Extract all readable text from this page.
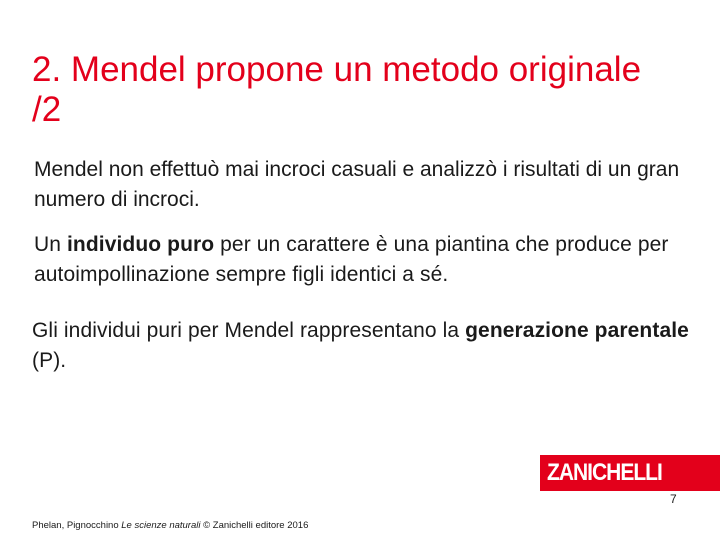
2. Mendel propone un metodo originale /2

Mendel non effettuò mai incroci casuali e analizzò i risultati di un gran numero di incroci.

Un individuo puro per un carattere è una piantina che produce per autoimpollinazione sempre figli identici a sé.

Gli individui puri per Mendel rappresentano la generazione parentale (P).

ZANICHELLI
7
Phelan, Pignocchino Le scienze naturali © Zanichelli editore 2016
